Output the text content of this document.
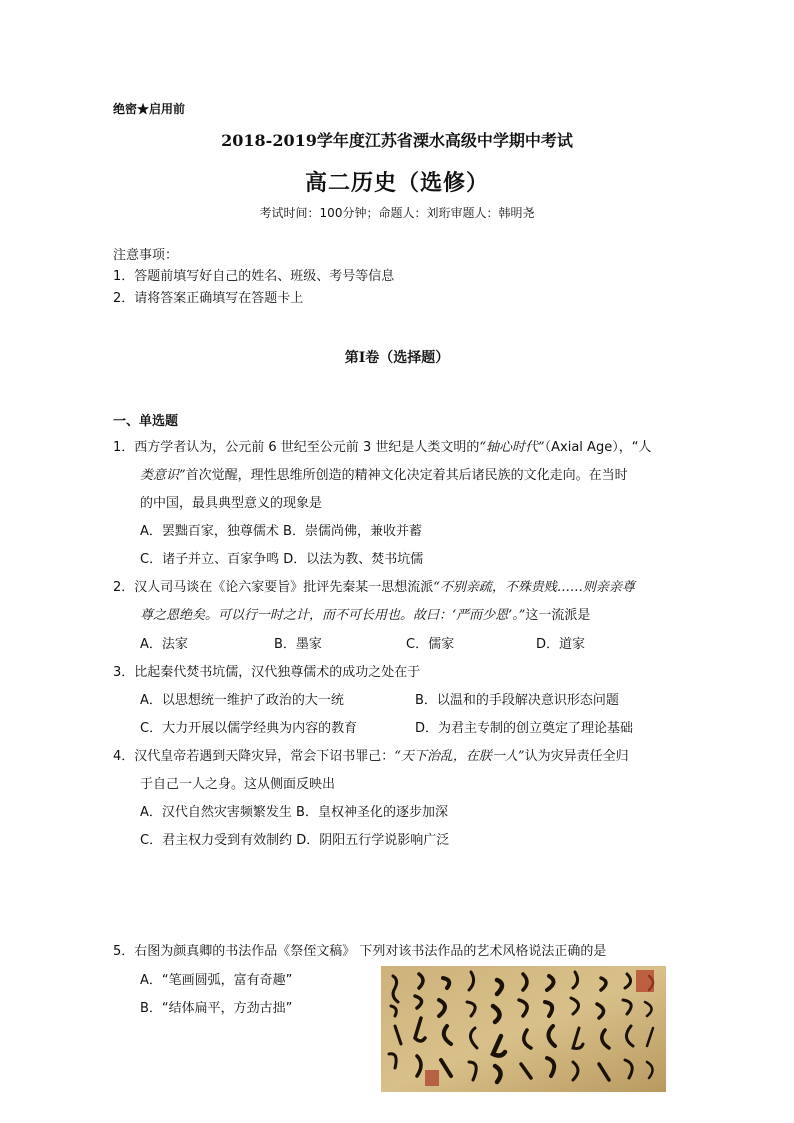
绝密★启用前
2018-2019学年度江苏省溧水高级中学期中考试
高二历史（选修）
考试时间：100分钟；命题人：刘珩审题人：韩明尧
注意事项：
1．答题前填写好自己的姓名、班级、考号等信息
2．请将答案正确填写在答题卡上
第I卷（选择题）
一、单选题
1．西方学者认为，公元前 6 世纪至公元前 3 世纪是人类文明的“轴心时代”（Axial Age），“人
类意识”首次觉醒，理性思维所创造的精神文化决定着其后诸民族的文化走向。在当时
的中国，最具典型意义的现象是
A．罢黜百家，独尊儒术 B．崇儒尚佛，兼收并蓄
C．诸子并立、百家争鸣 D．以法为教、焚书坑儒
2．汉人司马谈在《论六家要旨》批评先秦某一思想流派“不别亲疏，不殊贵贱……则亲亲尊
尊之恩绝矣。可以行一时之计，而不可长用也。故曰：‘严而少恩’。”这一流派是
A．法家	B．墨家	C．儒家	D．道家
3．比起秦代焚书坑儒，汉代独尊儒术的成功之处在于
A．以思想统一维护了政治的大一统	B．以温和的手段解决意识形态问题
C．大力开展以儒学经典为内容的教育	D．为君主专制的创立奠定了理论基础
4．汉代皇帝若遇到天降灾异，常会下诏书罪己：“天下治乱，在朕一人”认为灾异责任全归
于自己一人之身。这从侧面反映出
A．汉代自然灾害频繁发生 B．皇权神圣化的逐步加深
C．君主权力受到有效制约 D．阴阳五行学说影响广泛
5．右图为颜真卿的书法作品《祭侄文稿》 下列对该书法作品的艺术风格说法正确的是
A．“笔画圆弧，富有奇趣”
B．“结体扁平，方劲古拙”
